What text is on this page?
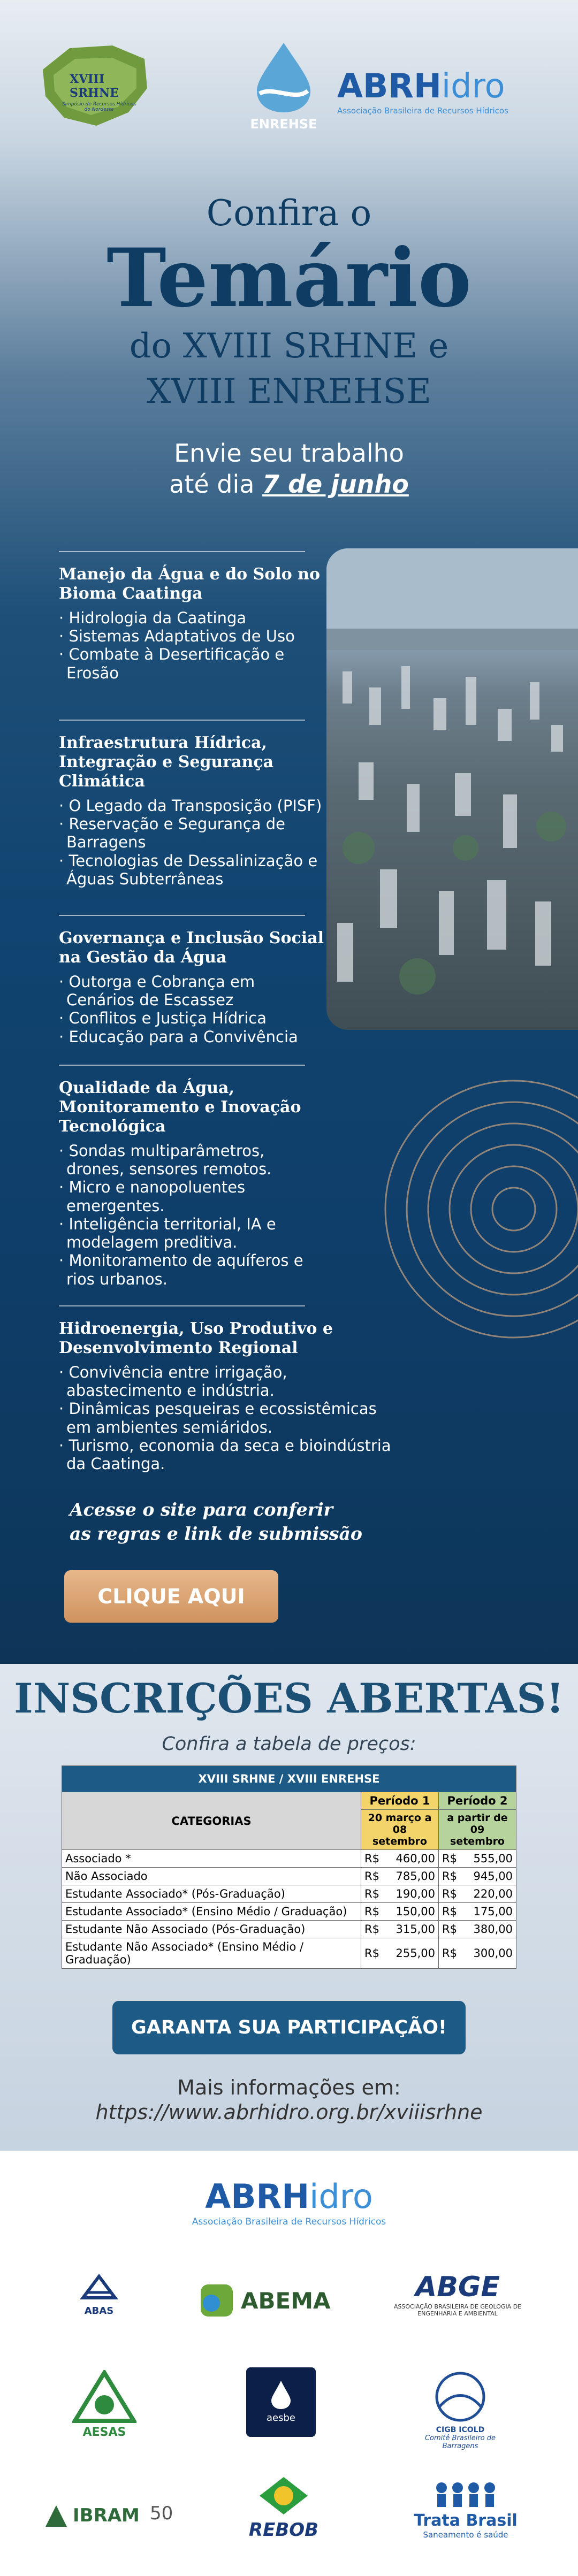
XVIII SRHNE
Simpósio de Recursos Hídricos do Nordeste
ENREHSE
ABRHidro
Associação Brasileira de Recursos Hídricos
Confira o
Temário
do XVIII SRHNE e
XVIII ENREHSE
Envie seu trabalho
até dia 7 de junho
Manejo da Água e do Solo no Bioma Caatinga
· Hidrologia da Caatinga
· Sistemas Adaptativos de Uso
· Combate à Desertificação e Erosão
Infraestrutura Hídrica, Integração e Segurança Climática
· O Legado da Transposição (PISF)
· Reservação e Segurança de Barragens
· Tecnologias de Dessalinização e Águas Subterrâneas
Governança e Inclusão Social na Gestão da Água
· Outorga e Cobrança em Cenários de Escassez
· Conflitos e Justiça Hídrica
· Educação para a Convivência
Qualidade da Água, Monitoramento e Inovação Tecnológica
· Sondas multiparâmetros, drones, sensores remotos.
· Micro e nanopoluentes emergentes.
· Inteligência territorial, IA e modelagem preditiva.
· Monitoramento de aquíferos e rios urbanos.
Hidroenergia, Uso Produtivo e Desenvolvimento Regional
· Convivência entre irrigação, abastecimento e indústria.
· Dinâmicas pesqueiras e ecossistêmicas em ambientes semiáridos.
· Turismo, economia da seca e bioindústria da Caatinga.
Acesse o site para conferir
as regras e link de submissão
CLIQUE AQUI
INSCRIÇÕES ABERTAS!
Confira a tabela de preços:
XVIII SRHNE / XVIII ENREHSE				
CATEGORIAS	Período 1		Período 2	
	20 março a 08 setembro		a partir de 09 setembro	
Associado *	R$	460,00	R$	555,00
Não Associado	R$	785,00	R$	945,00
Estudante Associado* (Pós-Graduação)	R$	190,00	R$	220,00
Estudante Associado* (Ensino Médio / Graduação)	R$	150,00	R$	175,00
Estudante Não Associado (Pós-Graduação)	R$	315,00	R$	380,00
Estudante Não Associado* (Ensino Médio / Graduação)	R$	255,00	R$	300,00
GARANTA SUA PARTICIPAÇÃO!
Mais informações em:
https://www.abrhidro.org.br/xviiisrhne
ABRHidro
Associação Brasileira de Recursos Hídricos
ABAS	ABEMA	ABGE
ASSOCIAÇÃO BRASILEIRA DE GEOLOGIA DE ENGENHARIA E AMBIENTAL
AESAS
aesbe
CIGB ICOLD
Comitê Brasileiro de Barragens
IBRAM 50
REBOB	Trata Brasil
Saneamento é saúde
